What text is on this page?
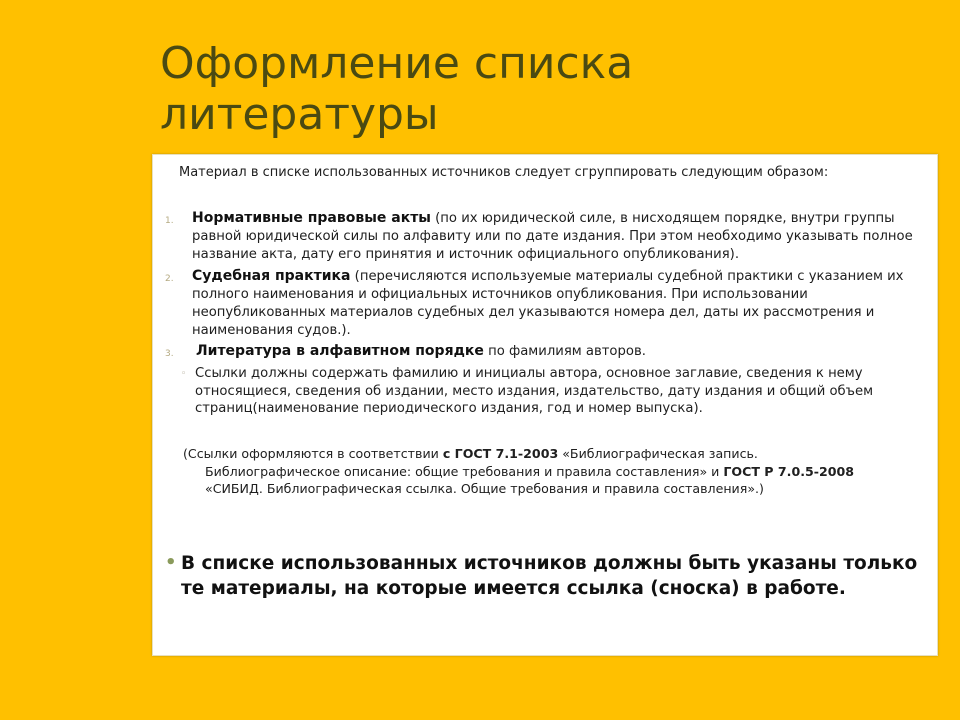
Оформление списка
литературы
Материал в списке использованных источников следует сгруппировать следующим образом:
1.	Нормативные правовые акты (по их юридической силе, в нисходящем порядке, внутри группы равной юридической силы по алфавиту или по дате издания. При этом необходимо указывать полное название акта, дату его принятия и источник официального опубликования).
2.	Судебная практика (перечисляются используемые материалы судебной практики с указанием их полного наименования и официальных источников опубликования. При использовании неопубликованных материалов судебных дел указываются номера дел, даты их рассмотрения и наименования судов.).
3.	Литература в алфавитном порядке по фамилиям авторов.
◦ Ссылки должны содержать фамилию и инициалы автора, основное заглавие, сведения к нему относящиеся, сведения об издании, место издания, издательство, дату издания и общий объем страниц(наименование периодического издания, год и номер выпуска).
(Ссылки оформляются в соответствии с ГОСТ 7.1-2003 «Библиографическая запись.
Библиографическое описание: общие требования и правила составления» и ГОСТ Р 7.0.5-2008
«СИБИД. Библиографическая ссылка. Общие требования и правила составления».)
• В списке использованных источников должны быть указаны только те материалы, на которые имеется ссылка (сноска) в работе.
